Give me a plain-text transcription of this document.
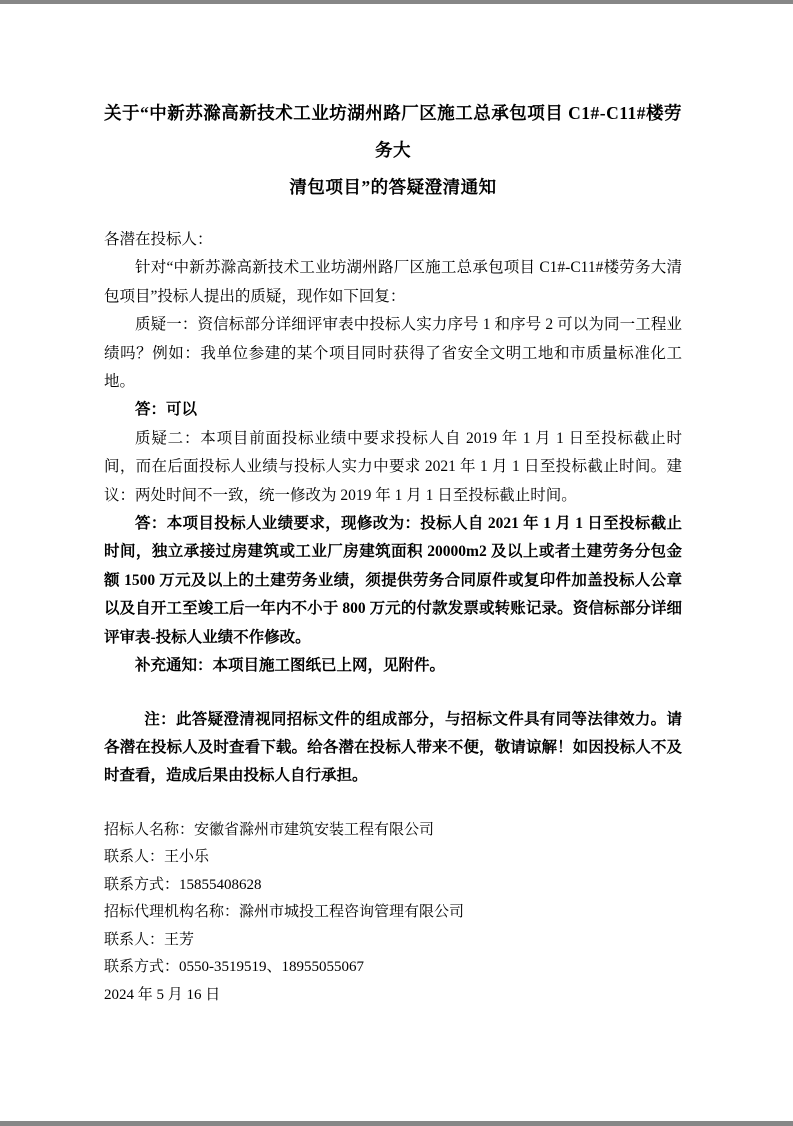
关于“中新苏滁高新技术工业坊湖州路厂区施工总承包项目 C1#-C11#楼劳务大
清包项目”的答疑澄清通知

各潜在投标人：

针对“中新苏滁高新技术工业坊湖州路厂区施工总承包项目 C1#-C11#楼劳务大清包项目”投标人提出的质疑，现作如下回复：

质疑一：资信标部分详细评审表中投标人实力序号 1 和序号 2 可以为同一工程业绩吗？例如：我单位参建的某个项目同时获得了省安全文明工地和市质量标准化工地。

答：可以

质疑二：本项目前面投标业绩中要求投标人自 2019 年 1 月 1 日至投标截止时间，而在后面投标人业绩与投标人实力中要求 2021 年 1 月 1 日至投标截止时间。建议：两处时间不一致，统一修改为 2019 年 1 月 1 日至投标截止时间。

答：本项目投标人业绩要求，现修改为：投标人自 2021 年 1 月 1 日至投标截止时间，独立承接过房建筑或工业厂房建筑面积 20000m2 及以上或者土建劳务分包金额 1500 万元及以上的土建劳务业绩，须提供劳务合同原件或复印件加盖投标人公章以及自开工至竣工后一年内不小于 800 万元的付款发票或转账记录。资信标部分详细评审表-投标人业绩不作修改。

补充通知：本项目施工图纸已上网，见附件。

注：此答疑澄清视同招标文件的组成部分，与招标文件具有同等法律效力。请各潜在投标人及时查看下载。给各潜在投标人带来不便，敬请谅解！如因投标人不及时查看，造成后果由投标人自行承担。

招标人名称：安徽省滁州市建筑安装工程有限公司

联系人：王小乐

联系方式：15855408628

招标代理机构名称：滁州市城投工程咨询管理有限公司

联系人：王芳

联系方式：0550-3519519、18955055067

2024 年 5 月 16 日
